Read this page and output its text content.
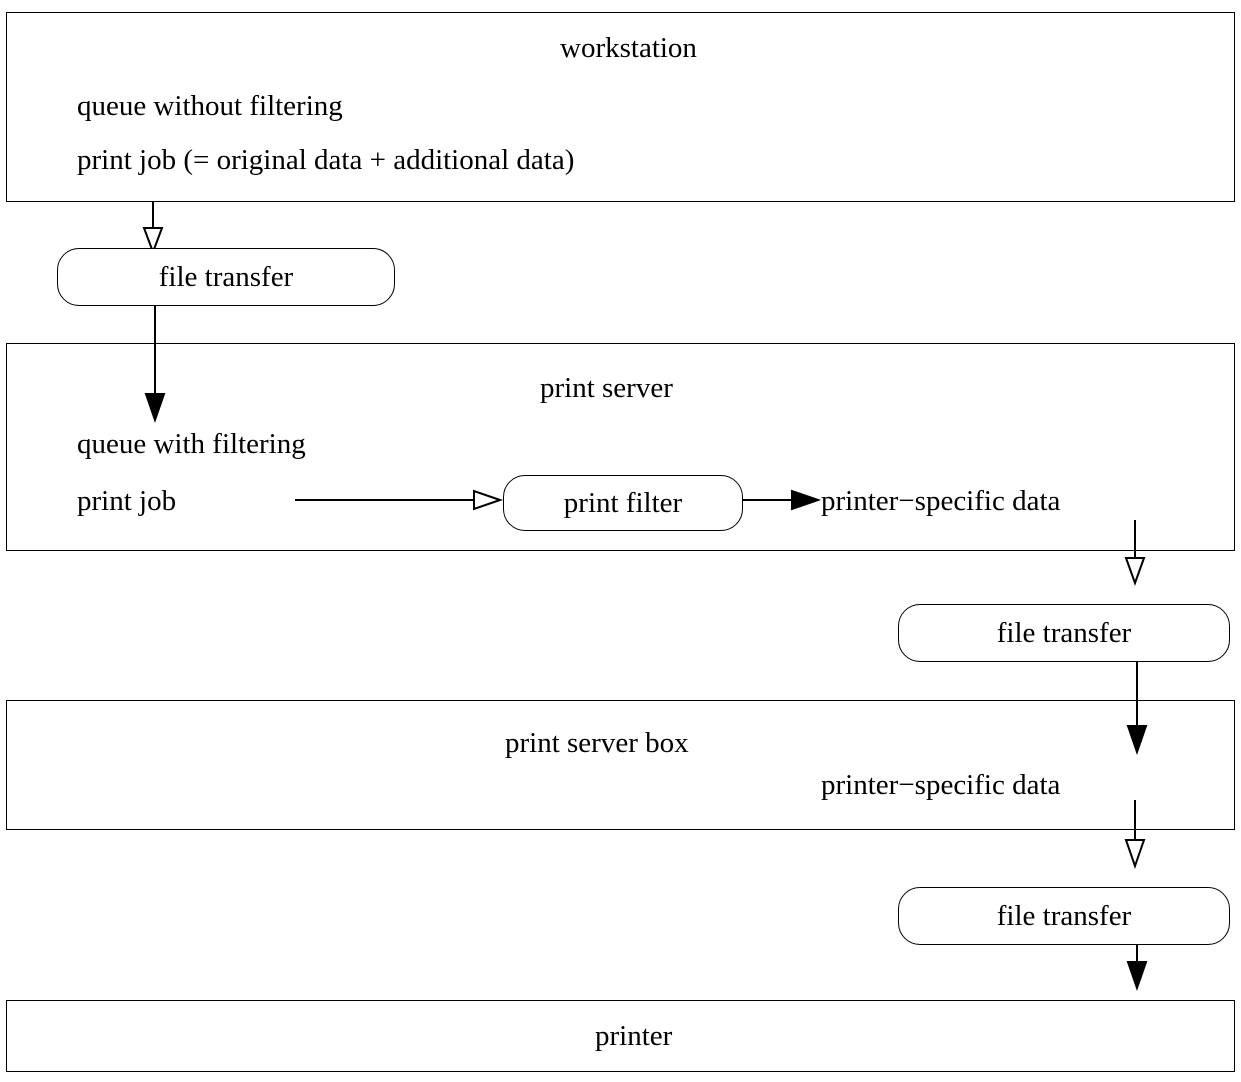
workstation
queue without filtering
print job (= original data + additional data)
file transfer
print server
queue with filtering
print job	print filter	printer−specific data
file transfer
print server box
printer−specific data
file transfer
printer
